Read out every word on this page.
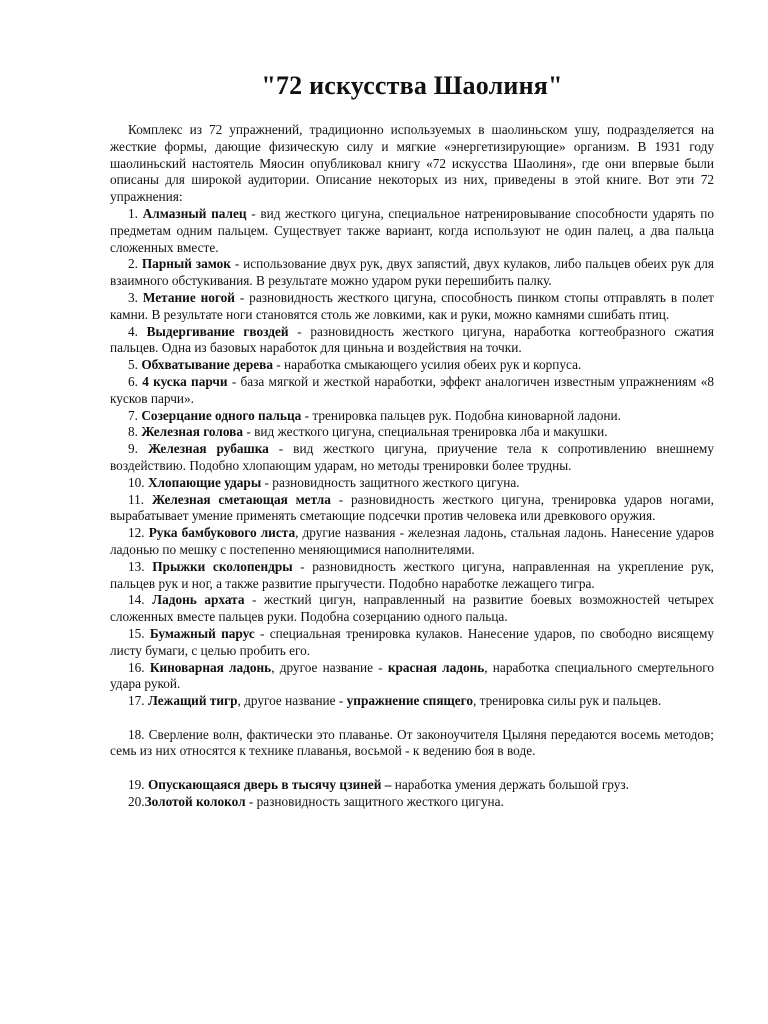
"72 искусства Шаолиня"
Комплекс из 72 упражнений, традиционно используемых в шаолиньском ушу, подразделяется на жесткие формы, дающие физическую силу и мягкие «энергетизирующие» организм. В 1931 году шаолиньский настоятель Мяосин опубликовал книгу «72 искусства Шаолиня», где они впервые были описаны для широкой аудитории. Описание некоторых из них, приведены в этой книге. Вот эти 72 упражнения:

1. Алмазный палец - вид жесткого цигуна, специальное натренировывание способности ударять по предметам одним пальцем. Существует также вариант, когда используют не один палец, а два пальца сложенных вместе.

2. Парный замок - использование двух рук, двух запястий, двух кулаков, либо пальцев обеих рук для взаимного обстукивания. В результате можно ударом руки перешибить палку.

3. Метание ногой - разновидность жесткого цигуна, способность пинком стопы отправлять в полет камни. В результате ноги становятся столь же ловкими, как и руки, можно камнями сшибать птиц.

4. Выдергивание гвоздей - разновидность жесткого цигуна, наработка когтеобразного сжатия пальцев. Одна из базовых наработок для циньна и воздействия на точки.

5. Обхватывание дерева - наработка смыкающего усилия обеих рук и корпуса.

6. 4 куска парчи - база мягкой и жесткой наработки, эффект аналогичен известным упражнениям «8 кусков парчи».

7. Созерцание одного пальца - тренировка пальцев рук. Подобна киноварной ладони.

8. Железная голова - вид жесткого цигуна, специальная тренировка лба и макушки.

9. Железная рубашка - вид жесткого цигуна, приучение тела к сопротивлению внешнему воздействию. Подобно хлопающим ударам, но методы тренировки более трудны.

10. Хлопающие удары - разновидность защитного жесткого цигуна.

11. Железная сметающая метла - разновидность жесткого цигуна, тренировка ударов ногами, вырабатывает умение применять сметающие подсечки против человека или древкового оружия.

12. Рука бамбукового листа, другие названия - железная ладонь, стальная ладонь. Нанесение ударов ладонью по мешку с постепенно меняющимися наполнителями.

13. Прыжки сколопендры - разновидность жесткого цигуна, направленная на укрепление рук, пальцев рук и ног, а также развитие прыгучести. Подобно наработке лежащего тигра.

14. Ладонь архата - жесткий цигун, направленный на развитие боевых возможностей четырех сложенных вместе пальцев руки. Подобна созерцанию одного пальца.

15. Бумажный парус - специальная тренировка кулаков. Нанесение ударов, по свободно висящему листу бумаги, с целью пробить его.

16. Киноварная ладонь, другое название - красная ладонь, наработка специального смертельного удара рукой.

17. Лежащий тигр, другое название - упражнение спящего, тренировка силы рук и пальцев.

18. Сверление волн, фактически это плаванье. От законоучителя Цыляня передаются восемь методов; семь из них относятся к технике плаванья, восьмой - к ведению боя в воде.

19. Опускающаяся дверь в тысячу цзиней – наработка умения держать большой груз.

20.Золотой колокол - разновидность защитного жесткого цигуна.
